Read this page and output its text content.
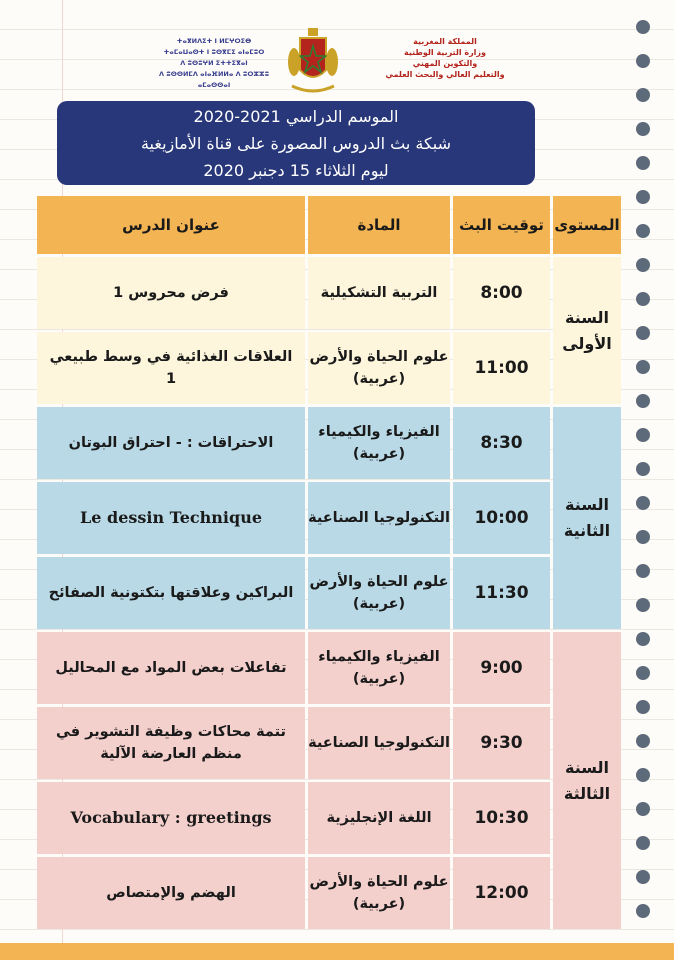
ⵜⴰⴳⵍⴷⵉⵜ ⵏ ⵍⵎⵖⵔⵉⴱ
ⵜⴰⵎⴰⵡⴰⵙⵜ ⵏ ⵓⵙⴳⵎⵉ ⴰⵏⴰⵎⵓⵔ
ⴷ ⵓⵙⵓⵖⵍ ⵉⵜⵜⵉⴳⴰⵏ
ⴷ ⵓⵙⵙⵍⵎⴷ ⴰⵏⴰⴼⵍⵍⴰ ⴷ ⵓⵔⵣⵣⵓ ⴰⵎⴰⵙⵙⴰⵏ
المملكة المغربية
وزارة التربية الوطنية
والتكوين المهني
والتعليم العالي والبحث العلمي
الموسم الدراسي 2021-2020
شبكة بث الدروس المصورة على قناة الأمازيغية
ليوم الثلاثاء 15 دجنبر 2020
المستوى	توقيت البث	المادة	عنوان الدرس
السنة الأولى	8:00	التربية التشكيلية	فرض محروس 1
	11:00	علوم الحياة والأرض (عربية)	العلاقات الغذائية في وسط طبيعي 1
السنة الثانية	8:30	الفيزياء والكيمياء (عربية)	الاحتراقات : - احتراق البوتان
	10:00	التكنولوجيا الصناعية	Le dessin Technique
	11:30	علوم الحياة والأرض (عربية)	البراكين وعلاقتها بتكتونية الصفائح
السنة الثالثة	9:00	الفيزياء والكيمياء (عربية)	تفاعلات بعض المواد مع المحاليل
	9:30	التكنولوجيا الصناعية	تتمة محاكات وظيفة التشوير في منظم العارضة الآلية
	10:30	اللغة الإنجليزية	Vocabulary : greetings
	12:00	علوم الحياة والأرض (عربية)	الهضم والإمتصاص
